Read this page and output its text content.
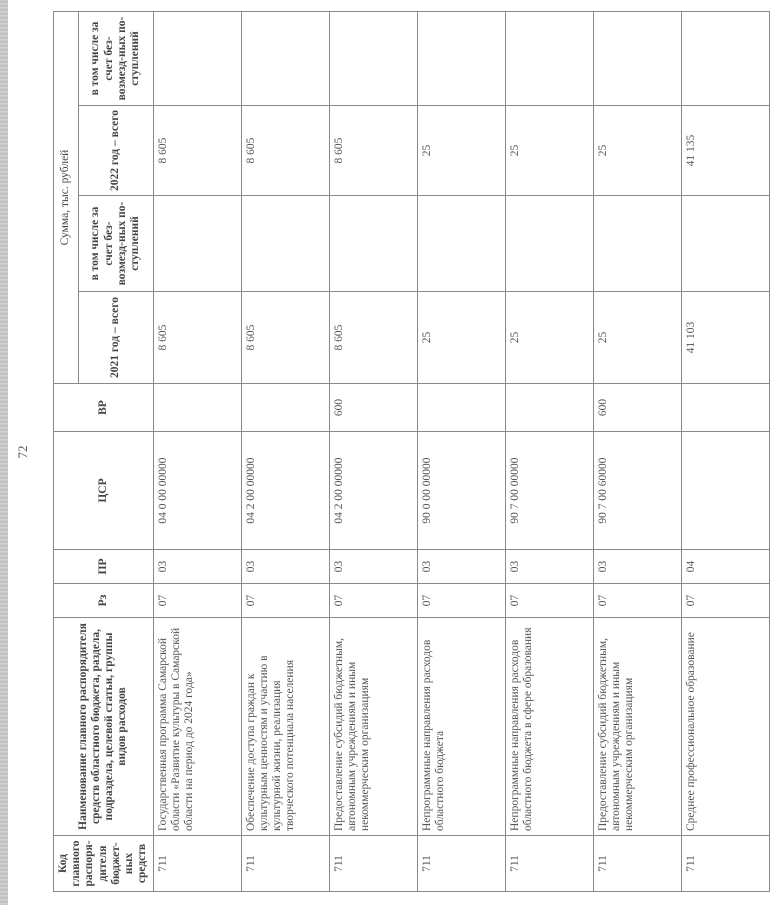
72
Код главного распоря-дителя бюджет-ных средств	Наименование главного распорядителя средств областного бюджета, раздела, подраздела, целевой статьи, группы видов расходов	Рз	ПР	ЦСР	ВР	Сумма, тыс. рублей			
						2021 год – всего	в том числе за счет без-возмезд-ных по-ступлений	2022 год – всего	в том числе за счет без-возмезд-ных по-ступлений
711	Государственная программа Самарской области «Развитие культуры в Самарской области на период до 2024 года»	07	03	04 0 00 00000		8 605		8 605	
711	Обеспечение доступа граждан к культурным ценностям и участию в культурной жизни, реализация творческого потенциала населения	07	03	04 2 00 00000		8 605		8 605	
711	Предоставление субсидий бюджетным, автономным учреждениям и иным некоммерческим организациям	07	03	04 2 00 00000	600	8 605		8 605	
711	Непрограммные направления расходов областного бюджета	07	03	90 0 00 00000		25		25	
711	Непрограммные направления расходов областного бюджета в сфере образования	07	03	90 7 00 00000		25		25	
711	Предоставление субсидий бюджетным, автономным учреждениям и иным некоммерческим организациям	07	03	90 7 00 60000	600	25		25	
711	Среднее профессиональное образование	07	04			41 103		41 135	
